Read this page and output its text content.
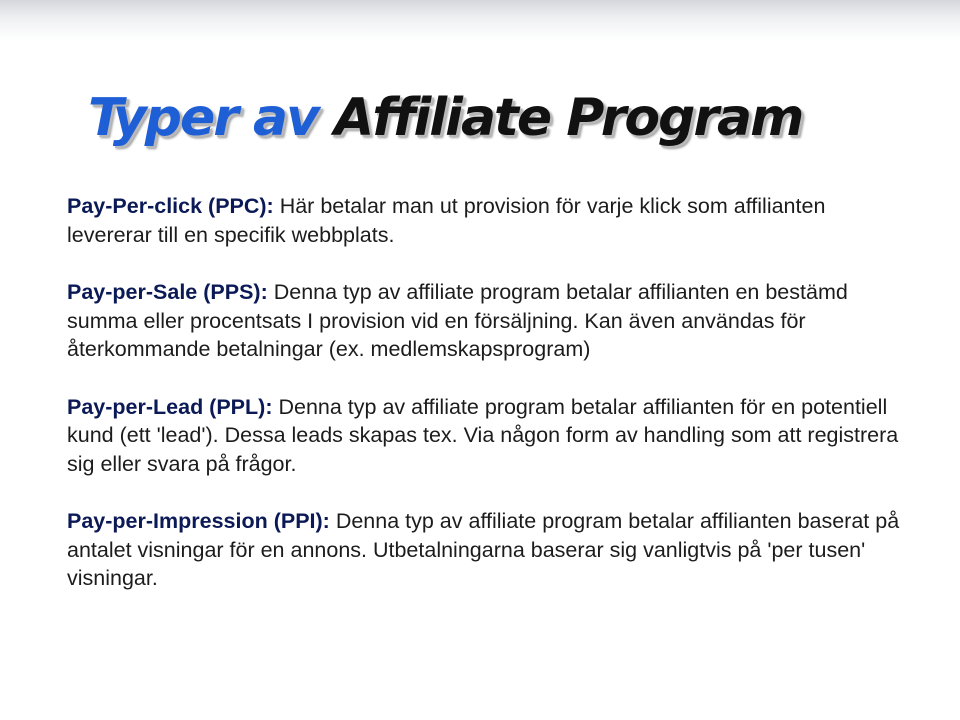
Typer av Affiliate Program

Pay-Per-click (PPC): Här betalar man ut provision för varje klick som affilianten levererar till en specifik webbplats.

Pay-per-Sale (PPS): Denna typ av affiliate program betalar affilianten en bestämd summa eller procentsats I provision vid en försäljning. Kan även användas för återkommande betalningar (ex. medlemskapsprogram)

Pay-per-Lead (PPL): Denna typ av affiliate program betalar affilianten för en potentiell kund (ett 'lead'). Dessa leads skapas tex. Via någon form av handling som att registrera sig eller svara på frågor.

Pay-per-Impression (PPI): Denna typ av affiliate program betalar affilianten baserat på antalet visningar för en annons. Utbetalningarna baserar sig vanligtvis på 'per tusen' visningar.
